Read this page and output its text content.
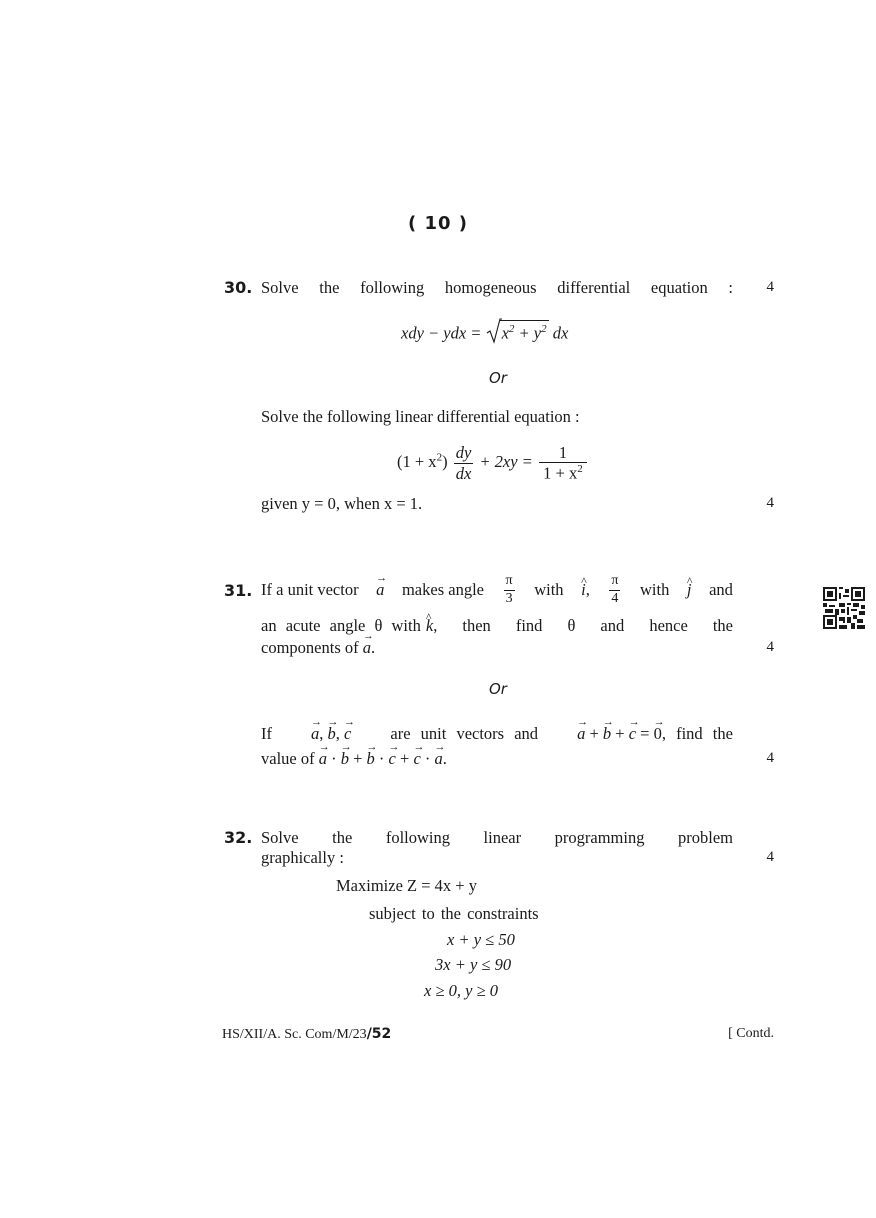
( 10 )
30. Solve the following homogeneous differential equation :	4
xdy − ydx = $x^2 + y^2$ dx
Or
Solve the following linear differential equation :
$(1 + x^2) \frac{dy}{dx} + 2xy = \frac{1}{1 + x^2}$
given y = 0, when x = 1.	4
31. If a unit vector → a makes angle $\frac{\pi}{3}$ with ^ i, $\frac{\pi}{4}$ with ^ j and
an acute angle θ with ^ k, then find θ and hence the
components of → a.	4
Or
If → a, → b, → c are unit vectors and → a + → b + → c = → 0, find the
value of → a · → b + → b · → c + → c · → a.	4
32. Solve the following linear programming problem
graphically :	4
Maximize Z = 4x + y
subject to the constraints
x + y ≤ 50
3x + y ≤ 90
x ≥ 0, y ≥ 0
HS/XII/A. Sc. Com/M/23/52	[ Contd.
